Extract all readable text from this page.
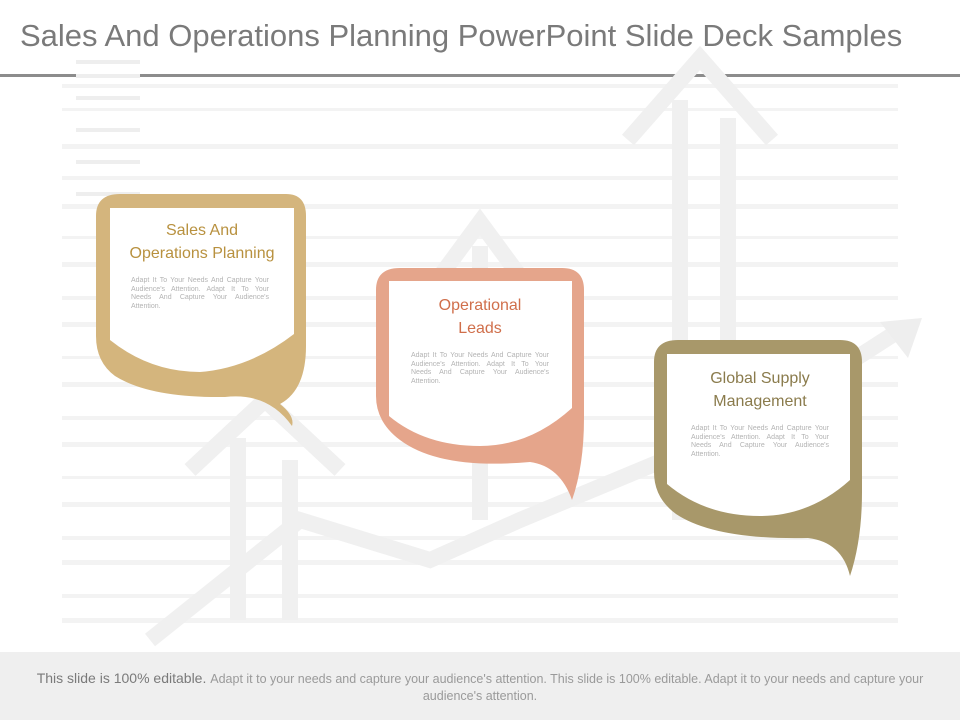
Sales And Operations Planning PowerPoint Slide Deck Samples
Sales And
Operations Planning
Adapt It To Your Needs And Capture Your Audience's Attention. Adapt It To Your Needs And Capture Your Audience's Attention.	Operational
Leads
Adapt It To Your Needs And Capture Your Audience's Attention. Adapt It To Your Needs And Capture Your Audience's Attention.	Global Supply
Management
Adapt It To Your Needs And Capture Your Audience's Attention. Adapt It To Your Needs And Capture Your Audience's Attention.
This slide is 100% editable. Adapt it to your needs and capture your audience's attention. This slide is 100% editable. Adapt it to your needs and capture your audience's attention.
